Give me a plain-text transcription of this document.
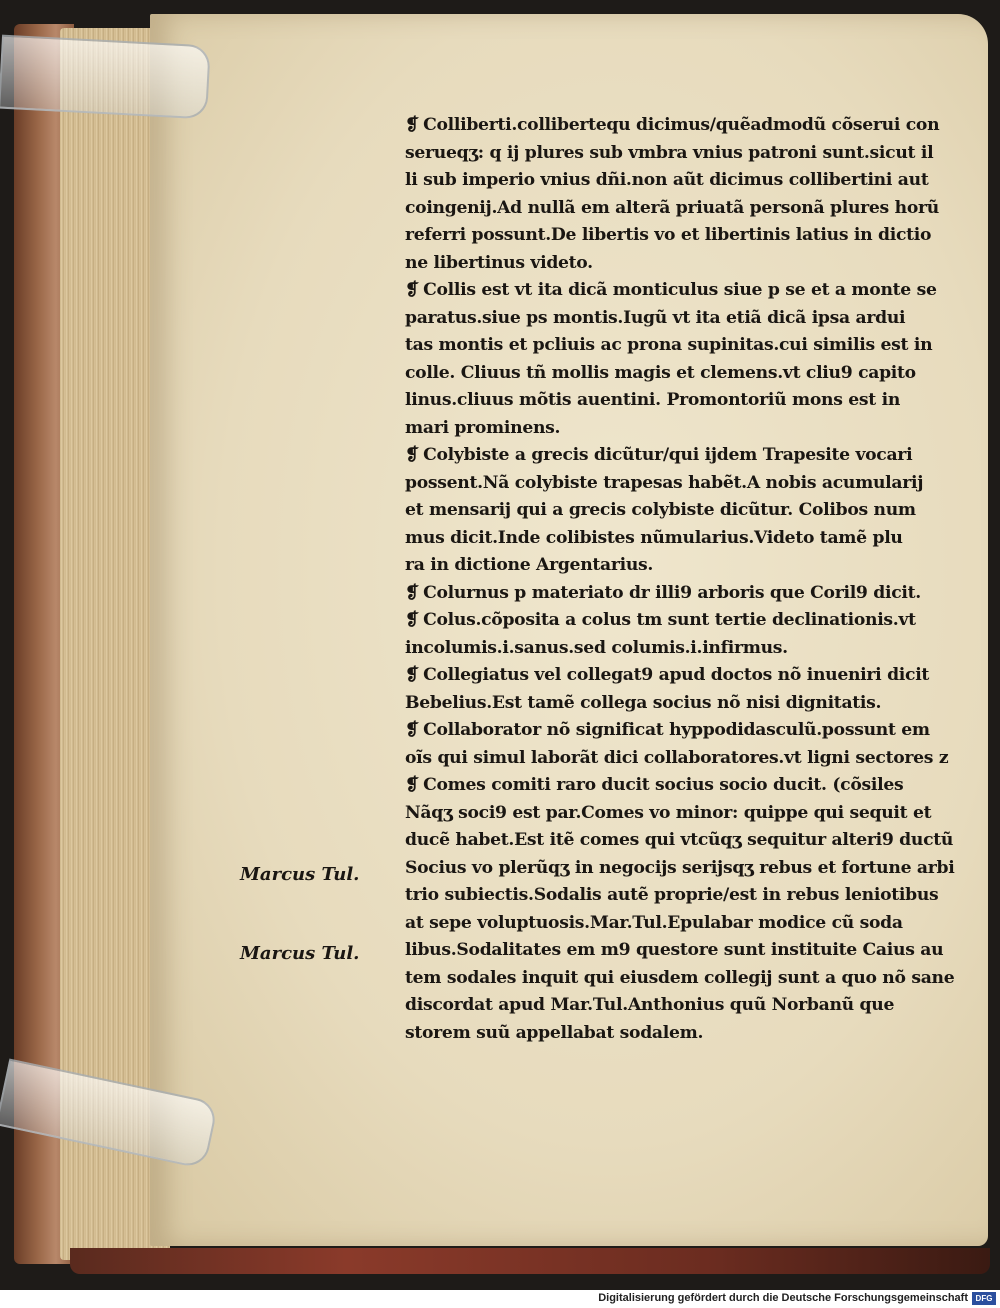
❡ Colliberti.collibertequ dicimus/quẽadmodũ cõserui con

serueqʒ: q ij plures sub vmbra vnius patroni sunt.sicut il

li sub imperio vnius dñi.non aũt dicimus collibertini aut

coingenij.Ad nullã em alterã priuatã personã plures horũ

referri possunt.De libertis vo et libertinis latius in dictio

ne libertinus videto.

❡ Collis est vt ita dicã monticulus siue p se et a monte se

paratus.siue ps montis.Iugũ vt ita etiã dicã ipsa ardui

tas montis et pcliuis ac prona supinitas.cui similis est in

colle. Cliuus tñ mollis magis et clemens.vt cliu9 capito

linus.cliuus mõtis auentini. Promontoriũ mons est in

mari prominens.

❡ Colybiste a grecis dicũtur/qui ijdem Trapesite vocari

possent.Nã colybiste trapesas habẽt.A nobis acumularij

et mensarij qui a grecis colybiste dicũtur. Colibos num

mus dicit.Inde colibistes nũmularius.Videto tamẽ plu

ra in dictione Argentarius.

❡ Colurnus p materiato dr illi9 arboris que Coril9 dicit.

❡ Colus.cõposita a colus tm sunt tertie declinationis.vt

incolumis.i.sanus.sed columis.i.infirmus.

❡ Collegiatus vel collegat9 apud doctos nõ inueniri dicit

Bebelius.Est tamẽ collega socius nõ nisi dignitatis.

❡ Collaborator nõ significat hyppodidasculũ.possunt em

oĩs qui simul laborãt dici collaboratores.vt ligni sectores z

❡ Comes comiti raro ducit socius socio ducit. (cõsiles

Nãqʒ soci9 est par.Comes vo minor: quippe qui sequit et

ducẽ habet.Est itẽ comes qui vtcũqʒ sequitur alteri9 ductũ

Socius vo plerũqʒ in negocijs serijsqʒ rebus et fortune arbi

trio subiectis.Sodalis autẽ proprie/est in rebus leniotibus

at sepe voluptuosis.Mar.Tul.Epulabar modice cũ soda

libus.Sodalitates em m9 questore sunt instituite Caius au

tem sodales inquit qui eiusdem collegij sunt a quo nõ sane

discordat apud Mar.Tul.Anthonius quũ Norbanũ que

storem suũ appellabat sodalem.

Marcus Tul.
Marcus Tul.
Digitalisierung gefördert durch die Deutsche Forschungsgemeinschaft DFG
